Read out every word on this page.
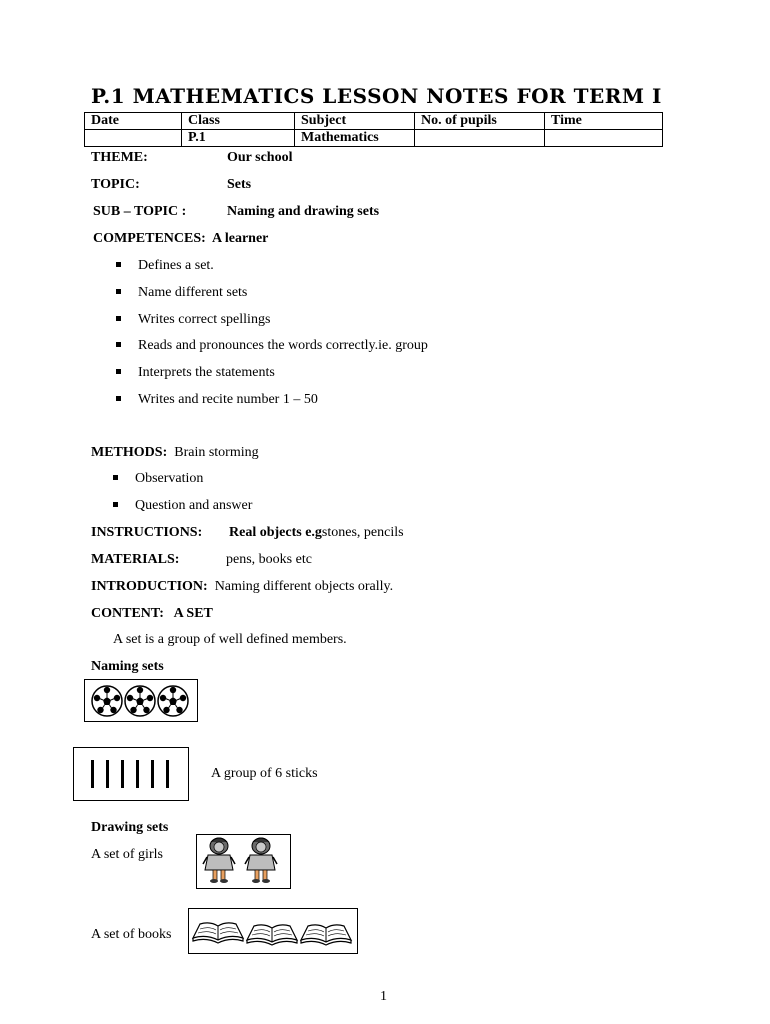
P.1 MATHEMATICS LESSON NOTES FOR TERM I
Date	Class	Subject	No. of pupils	Time
	P.1	Mathematics		
THEME:	Our school
TOPIC:	Sets
SUB – TOPIC :	Naming and drawing sets
COMPETENCES: A learner
Defines a set.
Name different sets
Writes correct spellings
Reads and pronounces the words correctly.ie. group
Interprets the statements
Writes and recite number 1 – 50
METHODS: Brain storming
Observation
Question and answer
INSTRUCTIONS: Real objects e.gstones, pencils
MATERIALS:	pens, books etc
INTRODUCTION: Naming different objects orally.
CONTENT: A SET
A set is a group of well defined members.
Naming sets
A group of 6 sticks
Drawing sets
A set of girls
A set of books
1
